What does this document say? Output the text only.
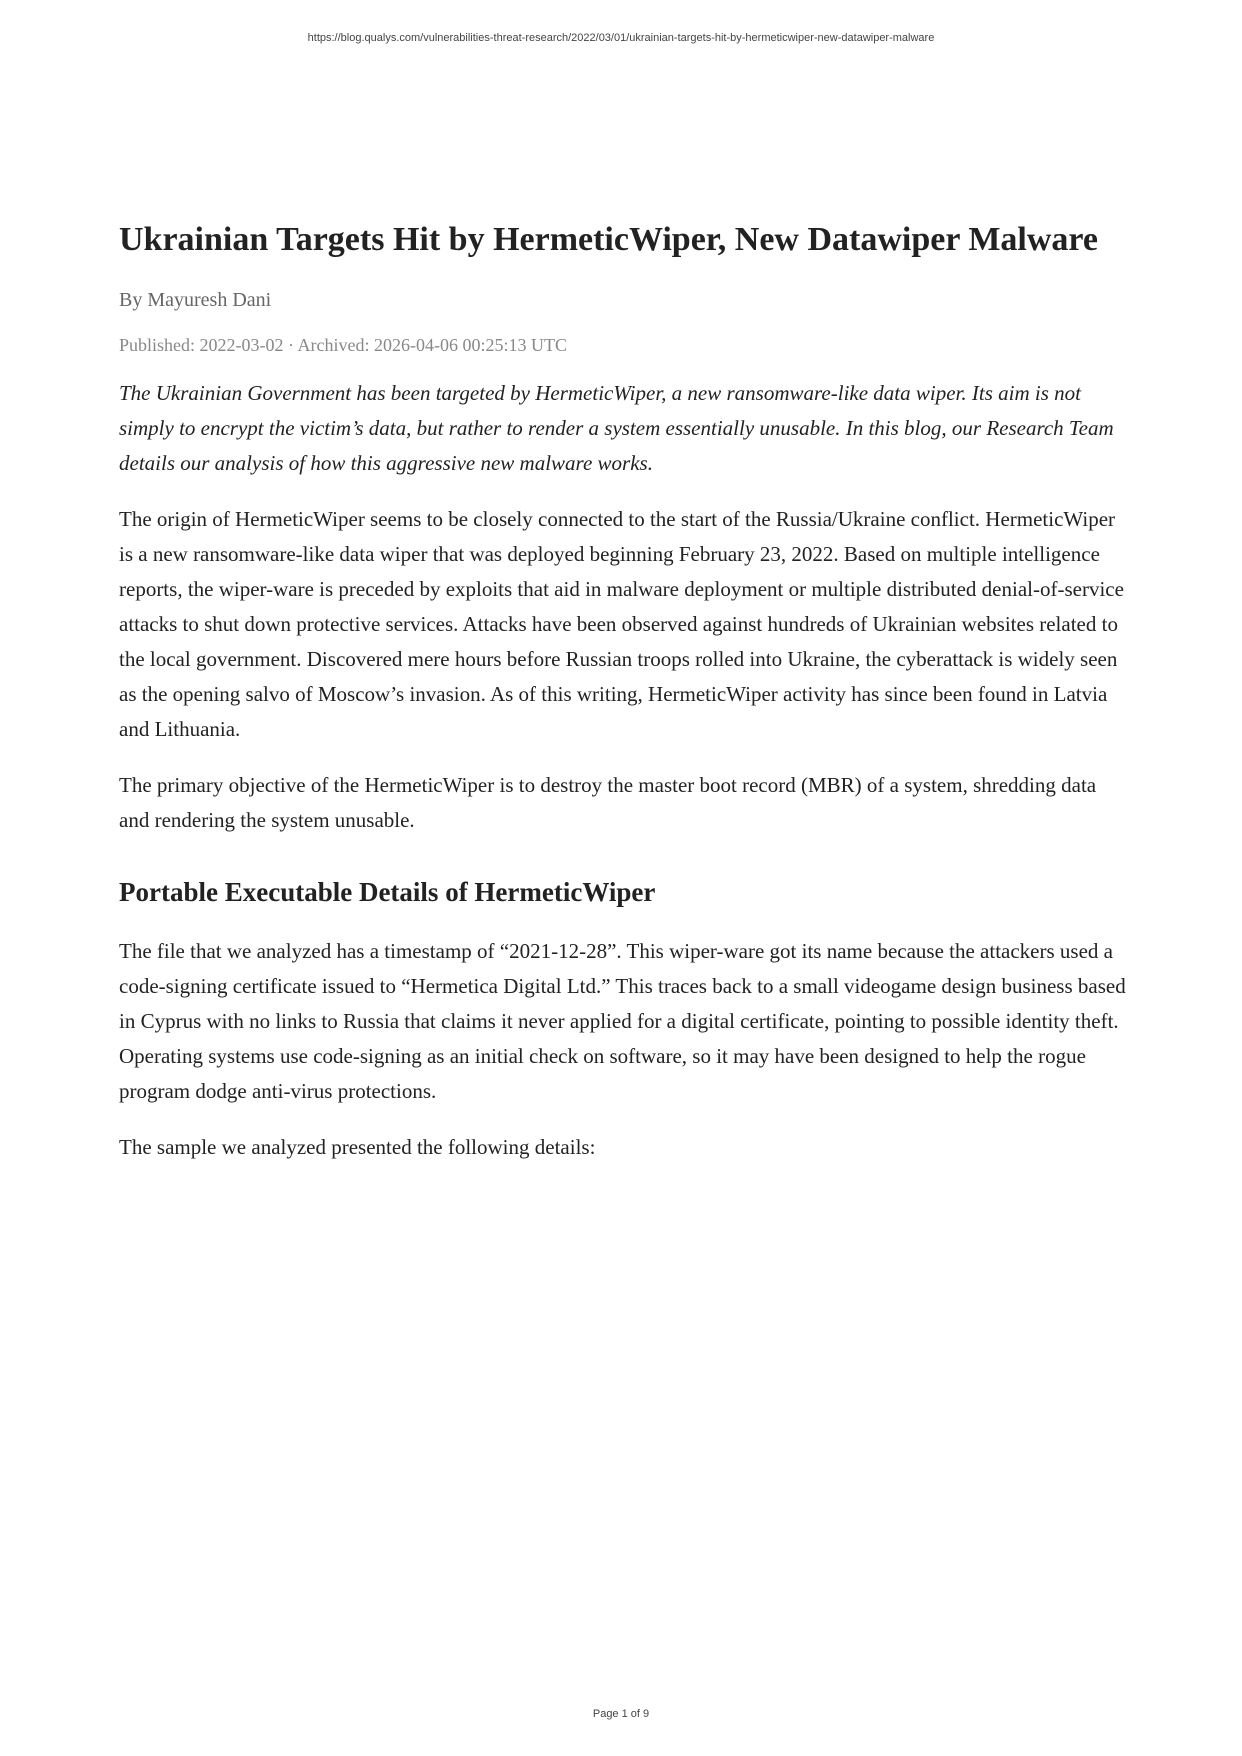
https://blog.qualys.com/vulnerabilities-threat-research/2022/03/01/ukrainian-targets-hit-by-hermeticwiper-new-datawiper-malware
Ukrainian Targets Hit by HermeticWiper, New Datawiper Malware
By Mayuresh Dani
Published: 2022-03-02 · Archived: 2026-04-06 00:25:13 UTC

The Ukrainian Government has been targeted by HermeticWiper, a new ransomware-like data wiper. Its aim is not simply to encrypt the victim’s data, but rather to render a system essentially unusable. In this blog, our Research Team details our analysis of how this aggressive new malware works.

The origin of HermeticWiper seems to be closely connected to the start of the Russia/Ukraine conflict. HermeticWiper is a new ransomware-like data wiper that was deployed beginning February 23, 2022. Based on multiple intelligence reports, the wiper-ware is preceded by exploits that aid in malware deployment or multiple distributed denial-of-service attacks to shut down protective services. Attacks have been observed against hundreds of Ukrainian websites related to the local government. Discovered mere hours before Russian troops rolled into Ukraine, the cyberattack is widely seen as the opening salvo of Moscow’s invasion. As of this writing, HermeticWiper activity has since been found in Latvia and Lithuania.

The primary objective of the HermeticWiper is to destroy the master boot record (MBR) of a system, shredding data and rendering the system unusable.

Portable Executable Details of HermeticWiper

The file that we analyzed has a timestamp of “2021-12-28”. This wiper-ware got its name because the attackers used a code-signing certificate issued to “Hermetica Digital Ltd.” This traces back to a small videogame design business based in Cyprus with no links to Russia that claims it never applied for a digital certificate, pointing to possible identity theft. Operating systems use code-signing as an initial check on software, so it may have been designed to help the rogue program dodge anti-virus protections.

The sample we analyzed presented the following details:

Page 1 of 9
